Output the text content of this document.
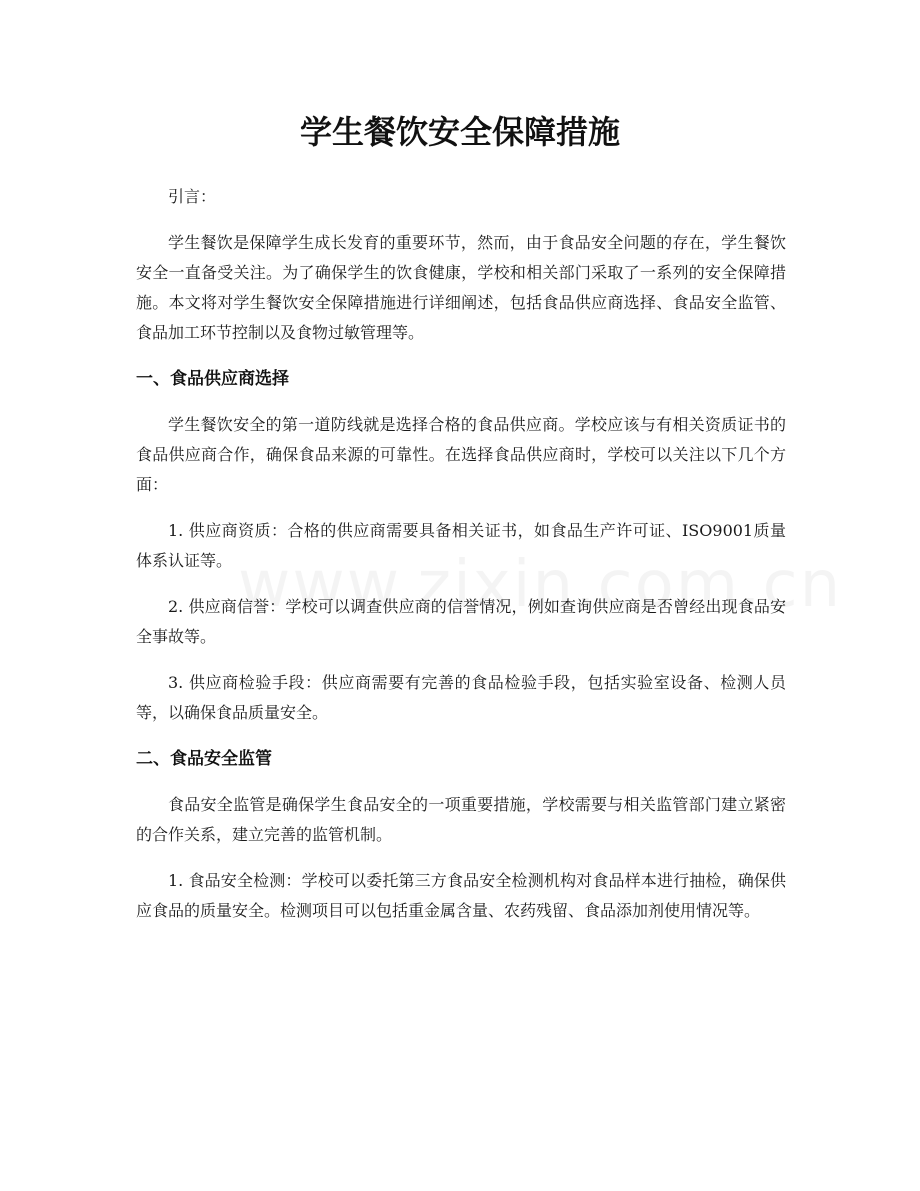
学生餐饮安全保障措施

引言：

学生餐饮是保障学生成长发育的重要环节，然而，由于食品安全问题的存在，学生餐饮安全一直备受关注。为了确保学生的饮食健康，学校和相关部门采取了一系列的安全保障措施。本文将对学生餐饮安全保障措施进行详细阐述，包括食品供应商选择、食品安全监管、食品加工环节控制以及食物过敏管理等。

一、食品供应商选择

学生餐饮安全的第一道防线就是选择合格的食品供应商。学校应该与有相关资质证书的食品供应商合作，确保食品来源的可靠性。在选择食品供应商时，学校可以关注以下几个方面：

1. 供应商资质：合格的供应商需要具备相关证书，如食品生产许可证、ISO9001质量体系认证等。

2. 供应商信誉：学校可以调查供应商的信誉情况，例如查询供应商是否曾经出现食品安全事故等。

3. 供应商检验手段：供应商需要有完善的食品检验手段，包括实验室设备、检测人员等，以确保食品质量安全。

二、食品安全监管

食品安全监管是确保学生食品安全的一项重要措施，学校需要与相关监管部门建立紧密的合作关系，建立完善的监管机制。

1. 食品安全检测：学校可以委托第三方食品安全检测机构对食品样本进行抽检，确保供应食品的质量安全。检测项目可以包括重金属含量、农药残留、食品添加剂使用情况等。
